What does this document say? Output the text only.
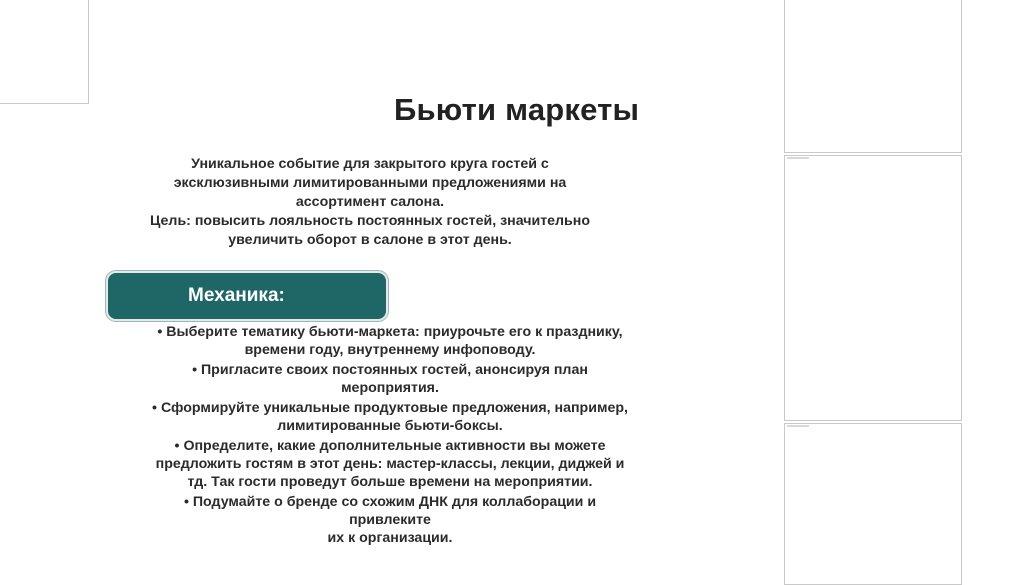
Бьюти маркеты
Уникальное событие для закрытого круга гостей с
эксклюзивными лимитированными предложениями на
ассортимент салона.
Цель: повысить лояльность постоянных гостей, значительно
увеличить оборот в салоне в этот день.
Механика:
• Выберите тематику бьюти-маркета: приурочьте его к празднику,
времени году, внутреннему инфоповоду.
• Пригласите своих постоянных гостей, анонсируя план
мероприятия.
• Сформируйте уникальные продуктовые предложения, например,
лимитированные бьюти-боксы.
• Определите, какие дополнительные активности вы можете
предложить гостям в этот день: мастер-классы, лекции, диджей и
тд. Так гости проведут больше времени на мероприятии.
• Подумайте о бренде со схожим ДНК для коллаборации и
привлеките
их к организации.
